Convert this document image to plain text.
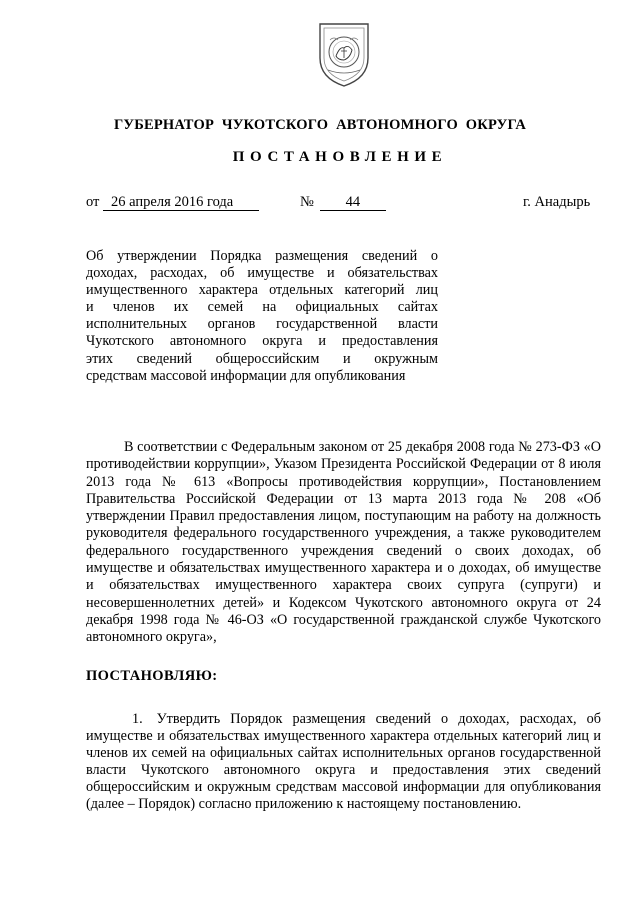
ГУБЕРНАТОР ЧУКОТСКОГО АВТОНОМНОГО ОКРУГА
ПОСТАНОВЛЕНИЕ
от 26 апреля 2016 года	№ 44	г. Анадырь
Об утверждении Порядка размещения сведений о
доходах, расходах, об имуществе и обязательствах
имущественного характера отдельных категорий лиц
и членов их семей на официальных сайтах
исполнительных органов государственной власти
Чукотского автономного округа и предоставления
этих сведений общероссийским и окружным
средствам массовой информации для опубликования

В соответствии с Федеральным законом от 25 декабря 2008 года № 273-ФЗ «О противодействии коррупции», Указом Президента Российской Федерации от 8 июля 2013 года № 613 «Вопросы противодействия коррупции», Постановлением Правительства Российской Федерации от 13 марта 2013 года № 208 «Об утверждении Правил предоставления лицом, поступающим на работу на должность руководителя федерального государственного учреждения, а также руководителем федерального государственного учреждения сведений о своих доходах, об имуществе и обязательствах имущественного характера и о доходах, об имуществе и обязательствах имущественного характера своих супруга (супруги) и несовершеннолетних детей» и Кодексом Чукотского автономного округа от 24 декабря 1998 года № 46-ОЗ «О государственной гражданской службе Чукотского автономного округа»,

ПОСТАНОВЛЯЮ:

1. Утвердить Порядок размещения сведений о доходах, расходах, об имуществе и обязательствах имущественного характера отдельных категорий лиц и членов их семей на официальных сайтах исполнительных органов государственной власти Чукотского автономного округа и предоставления этих сведений общероссийским и окружным средствам массовой информации для опубликования (далее – Порядок) согласно приложению к настоящему постановлению.
